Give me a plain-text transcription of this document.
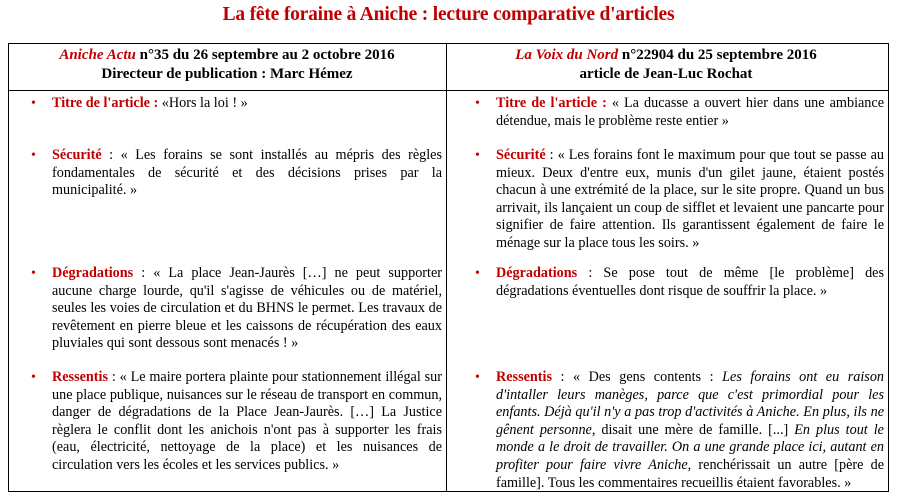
La fête foraine à Aniche : lecture comparative d'articles
Aniche Actu n°35 du 26 septembre au 2 octobre 2016
Directeur de publication : Marc Hémez
La Voix du Nord n°22904 du 25 septembre 2016
article de Jean-Luc Rochat
• Titre de l'article : «Hors la loi ! »
• Sécurité : « Les forains se sont installés au mépris des règles fondamentales de sécurité et des décisions prises par la municipalité. »
• Dégradations : « La place Jean-Jaurès […] ne peut supporter aucune charge lourde, qu'il s'agisse de véhicules ou de matériel, seules les voies de circulation et du BHNS le permet. Les travaux de revêtement en pierre bleue et les caissons de récupération des eaux pluviales qui sont dessous sont menacés ! »
• Ressentis : « Le maire portera plainte pour stationnement illégal sur une place publique, nuisances sur le réseau de transport en commun, danger de dégradations de la Place Jean-Jaurès. […] La Justice règlera le conflit dont les anichois n'ont pas à supporter les frais (eau, électricité, nettoyage de la place) et les nuisances de circulation vers les écoles et les services publics. »
• Titre de l'article : « La ducasse a ouvert hier dans une ambiance détendue, mais le problème reste entier »
• Sécurité : « Les forains font le maximum pour que tout se passe au mieux. Deux d'entre eux, munis d'un gilet jaune, étaient postés chacun à une extrémité de la place, sur le site propre. Quand un bus arrivait, ils lançaient un coup de sifflet et levaient une pancarte pour signifier de faire attention. Ils garantissent également de faire le ménage sur la place tous les soirs. »
• Dégradations : Se pose tout de même [le problème] des dégradations éventuelles dont risque de souffrir la place. »
• Ressentis : « Des gens contents : Les forains ont eu raison d'intaller leurs manèges, parce que c'est primordial pour les enfants. Déjà qu'il n'y a pas trop d'activités à Aniche. En plus, ils ne gênent personne, disait une mère de famille. [...] En plus tout le monde a le droit de travailler. On a une grande place ici, autant en profiter pour faire vivre Aniche, renchérissait un autre [père de famille]. Tous les commentaires recueillis étaient favorables. »
